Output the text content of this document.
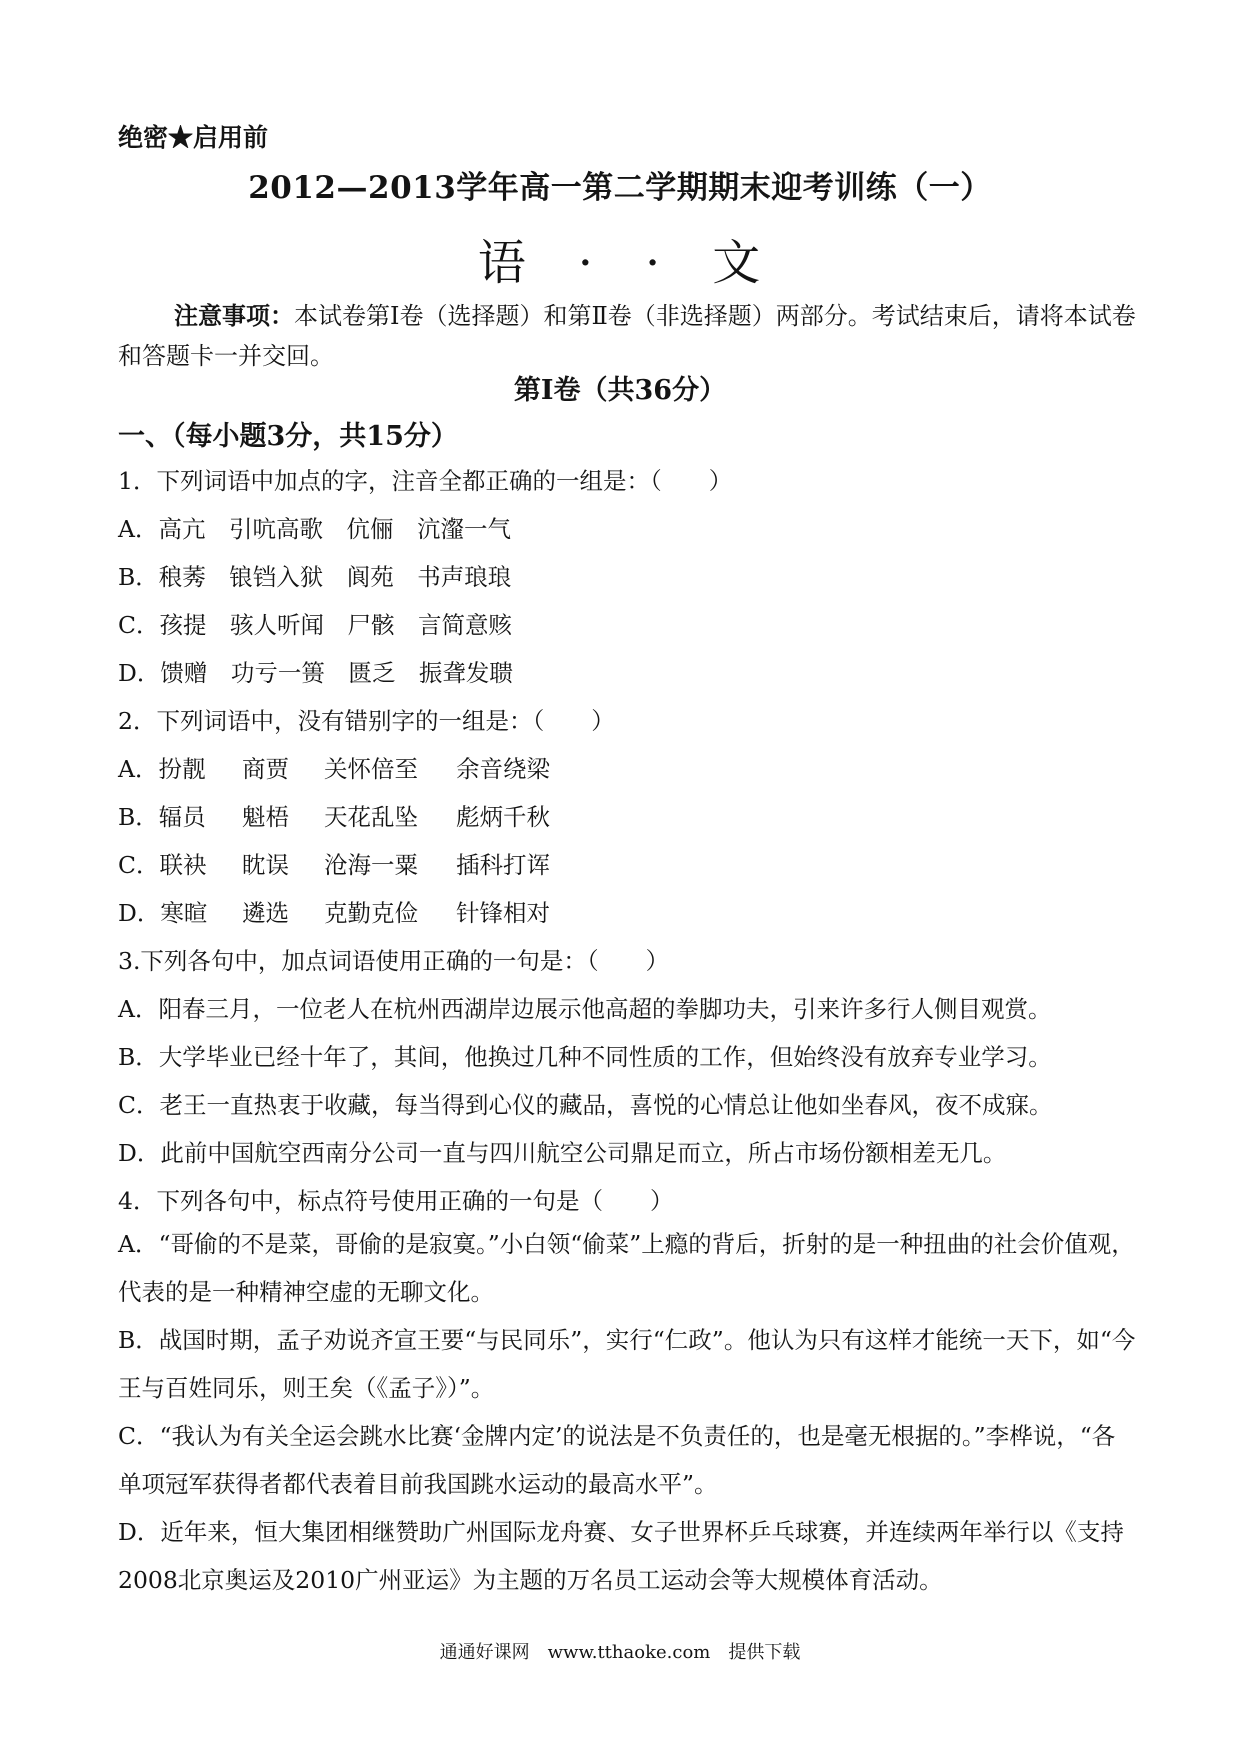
绝密★启用前
2012—2013学年高一第二学期期末迎考训练（一）
语　·　·　文
注意事项：本试卷第Ⅰ卷（选择题）和第Ⅱ卷（非选择题）两部分。考试结束后，请将本试卷和答题卡一并交回。
第Ⅰ卷（共36分）
一、（每小题3分，共15分）
1．下列词语中加点的字，注音全都正确的一组是：（　　）
A．高亢　引吭高歌　伉俪　沆瀣一气
B．稂莠　锒铛入狱　阆苑　书声琅琅
C．孩提　骇人听闻　尸骸　言简意赅
D．馈赠　功亏一篑　匮乏　振聋发聩
2．下列词语中，没有错别字的一组是：（　　）
A．扮靓 商贾 关怀倍至 余音绕梁
B．辐员 魁梧 天花乱坠 彪炳千秋
C．联袂 眈误 沧海一粟 插科打诨
D．寒暄 遴选 克勤克俭 针锋相对
3.下列各句中，加点词语使用正确的一句是：（　　）
A．阳春三月，一位老人在杭州西湖岸边展示他高超的拳脚功夫，引来许多行人侧目观赏。
B．大学毕业已经十年了，其间，他换过几种不同性质的工作，但始终没有放弃专业学习。
C．老王一直热衷于收藏，每当得到心仪的藏品，喜悦的心情总让他如坐春风，夜不成寐。
D．此前中国航空西南分公司一直与四川航空公司鼎足而立，所占市场份额相差无几。
4．下列各句中，标点符号使用正确的一句是（　　）
A．“哥偷的不是菜，哥偷的是寂寞。”小白领“偷菜”上瘾的背后，折射的是一种扭曲的社会价值观，代表的是一种精神空虚的无聊文化。
B．战国时期，孟子劝说齐宣王要“与民同乐”，实行“仁政”。他认为只有这样才能统一天下，如“今王与百姓同乐，则王矣（《孟子》）”。
C．“我认为有关全运会跳水比赛‘金牌内定’的说法是不负责任的，也是毫无根据的。”李桦说，“各单项冠军获得者都代表着目前我国跳水运动的最高水平”。
D．近年来，恒大集团相继赞助广州国际龙舟赛、女子世界杯乒乓球赛，并连续两年举行以《支持2008北京奥运及2010广州亚运》为主题的万名员工运动会等大规模体育活动。
通通好课网　www.tthaoke.com　提供下载
